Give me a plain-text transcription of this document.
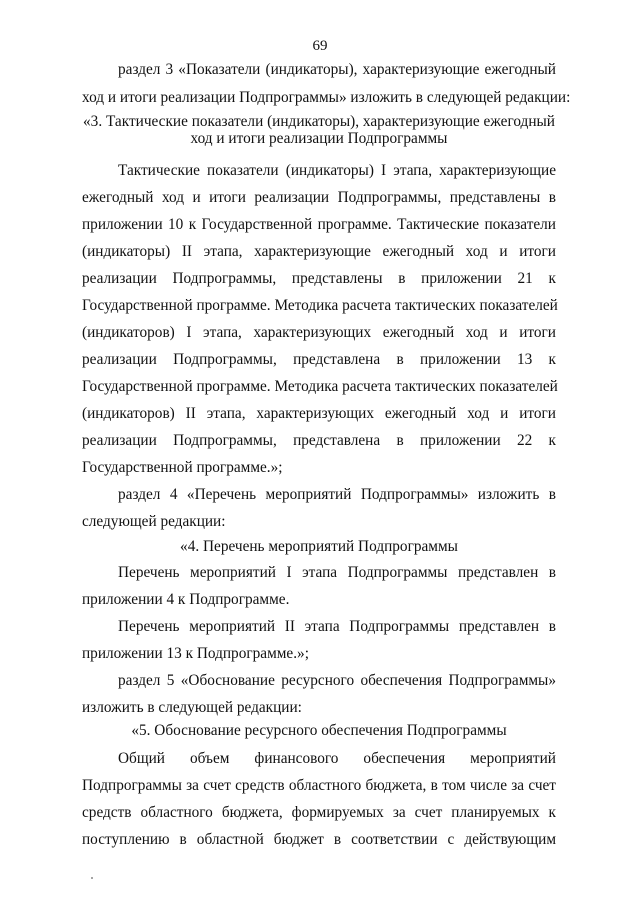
69
раздел 3 «Показатели (индикаторы), характеризующие ежегодный
ход и итоги реализации Подпрограммы» изложить в следующей редакции:
«3. Тактические показатели (индикаторы), характеризующие ежегодный
ход и итоги реализации Подпрограммы
Тактические показатели (индикаторы) I этапа, характеризующие
ежегодный ход и итоги реализации Подпрограммы, представлены в
приложении 10 к Государственной программе. Тактические показатели
(индикаторы) II этапа, характеризующие ежегодный ход и итоги
реализации Подпрограммы, представлены в приложении 21 к
Государственной программе. Методика расчета тактических показателей
(индикаторов) I этапа, характеризующих ежегодный ход и итоги
реализации Подпрограммы, представлена в приложении 13 к
Государственной программе. Методика расчета тактических показателей
(индикаторов) II этапа, характеризующих ежегодный ход и итоги
реализации Подпрограммы, представлена в приложении 22 к
Государственной программе.»;
раздел 4 «Перечень мероприятий Подпрограммы» изложить в
следующей редакции:
«4. Перечень мероприятий Подпрограммы
Перечень мероприятий I этапа Подпрограммы представлен в
приложении 4 к Подпрограмме.
Перечень мероприятий II этапа Подпрограммы представлен в
приложении 13 к Подпрограмме.»;
раздел 5 «Обоснование ресурсного обеспечения Подпрограммы»
изложить в следующей редакции:
«5. Обоснование ресурсного обеспечения Подпрограммы
Общий объем финансового обеспечения мероприятий
Подпрограммы за счет средств областного бюджета, в том числе за счет
средств областного бюджета, формируемых за счет планируемых к
поступлению в областной бюджет в соответствии с действующим
